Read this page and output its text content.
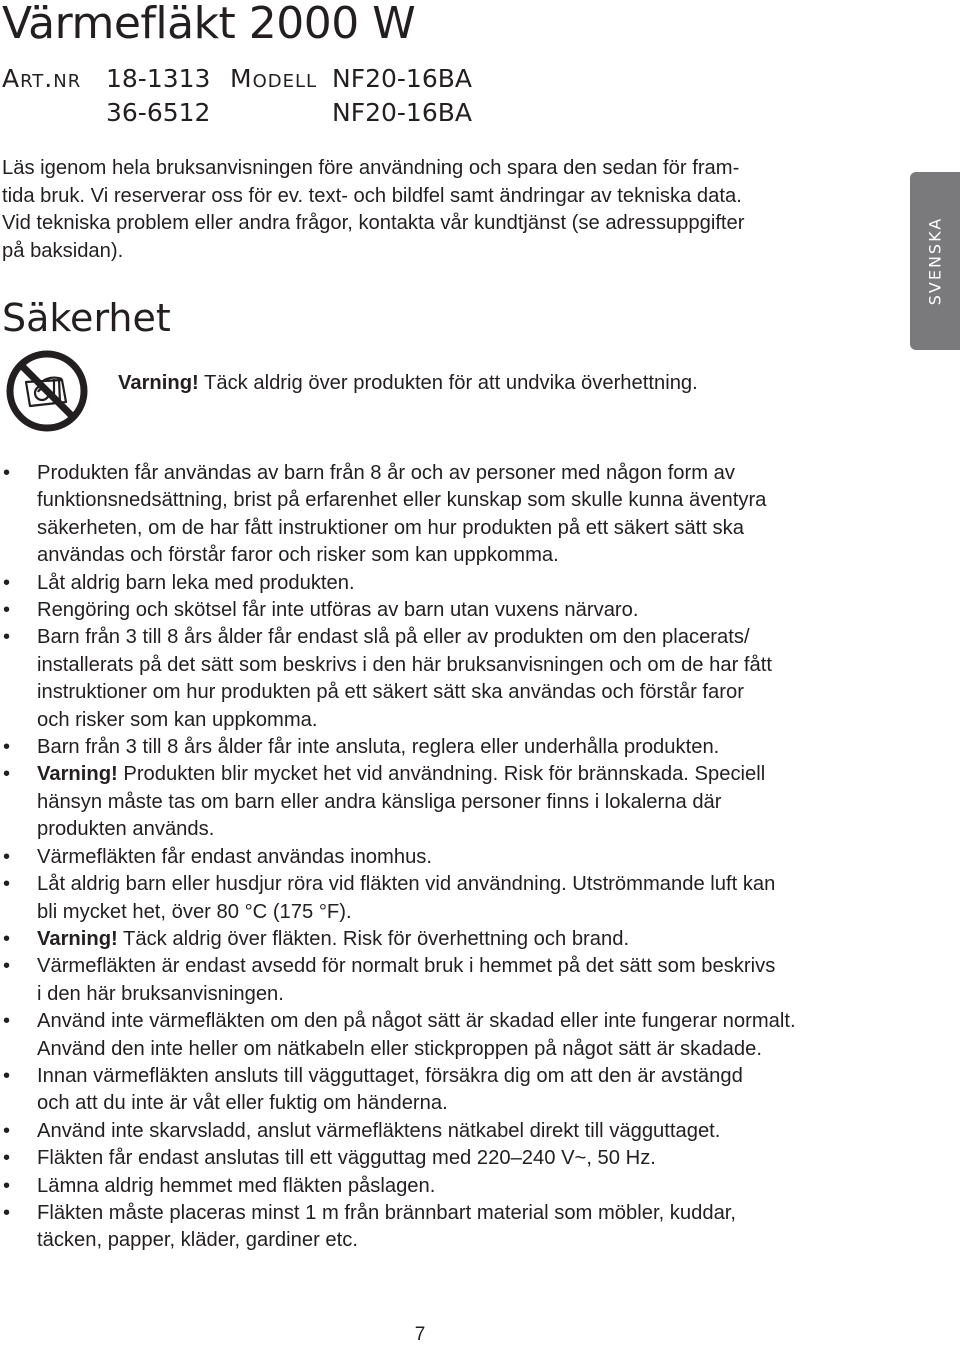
Värmefläkt 2000 W
Art.nr 18-1313 Modell NF20-16BA
36-6512	NF20-16BA

Läs igenom hela bruksanvisningen före användning och spara den sedan för fram-

tida bruk. Vi reserverar oss för ev. text- och bildfel samt ändringar av tekniska data.

Vid tekniska problem eller andra frågor, kontakta vår kundtjänst (se adressuppgifter

på baksidan).	SVENSKA
Säkerhet
Varning! Täck aldrig över produkten för att undvika överhettning.
• Produkten får användas av barn från 8 år och av personer med någon form av
funktionsnedsättning, brist på erfarenhet eller kunskap som skulle kunna äventyra
säkerheten, om de har fått instruktioner om hur produkten på ett säkert sätt ska
användas och förstår faror och risker som kan uppkomma.
• Låt aldrig barn leka med produkten.
• Rengöring och skötsel får inte utföras av barn utan vuxens närvaro.
• Barn från 3 till 8 års ålder får endast slå på eller av produkten om den placerats/
installerats på det sätt som beskrivs i den här bruksanvisningen och om de har fått
instruktioner om hur produkten på ett säkert sätt ska användas och förstår faror
och risker som kan uppkomma.
• Barn från 3 till 8 års ålder får inte ansluta, reglera eller underhålla produkten.
• Varning! Produkten blir mycket het vid användning. Risk för brännskada. Speciell
hänsyn måste tas om barn eller andra känsliga personer finns i lokalerna där
produkten används.
• Värmefläkten får endast användas inomhus.
• Låt aldrig barn eller husdjur röra vid fläkten vid användning. Utströmmande luft kan
bli mycket het, över 80 °C (175 °F).
• Varning! Täck aldrig över fläkten. Risk för överhettning och brand.
• Värmefläkten är endast avsedd för normalt bruk i hemmet på det sätt som beskrivs
i den här bruksanvisningen.
• Använd inte värmefläkten om den på något sätt är skadad eller inte fungerar normalt.
Använd den inte heller om nätkabeln eller stickproppen på något sätt är skadade.
• Innan värmefläkten ansluts till vägguttaget, försäkra dig om att den är avstängd
och att du inte är våt eller fuktig om händerna.
• Använd inte skarvsladd, anslut värmefläktens nätkabel direkt till vägguttaget.
• Fläkten får endast anslutas till ett vägguttag med 220–240 V~, 50 Hz.
• Lämna aldrig hemmet med fläkten påslagen.
• Fläkten måste placeras minst 1 m från brännbart material som möbler, kuddar,
täcken, papper, kläder, gardiner etc.
7
